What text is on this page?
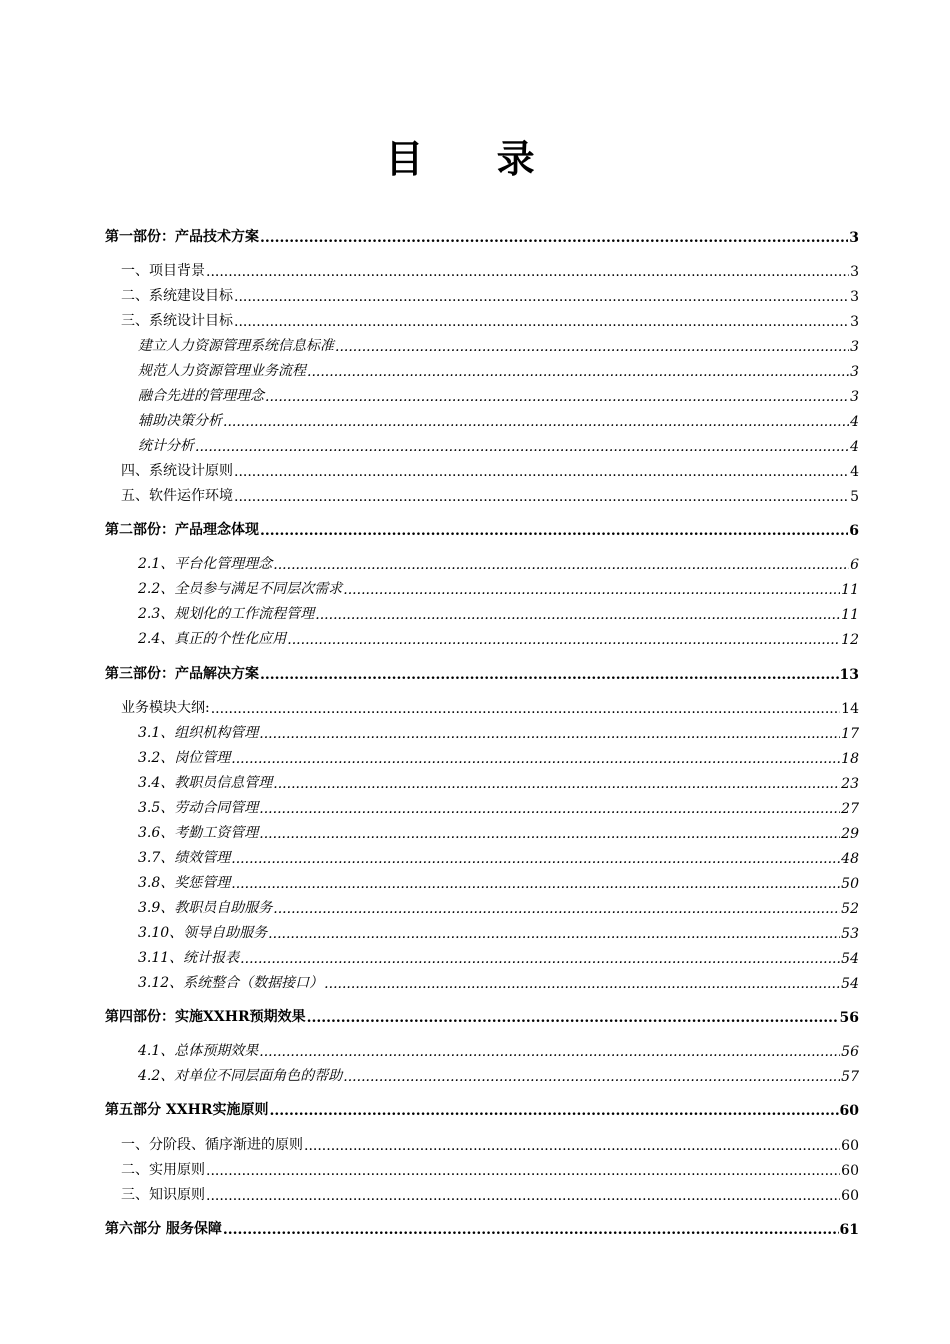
目 录
第一部份：产品技术方案 .....	3
一、项目背景 .....	3
二、系统建设目标 .....	3
三、系统设计目标 .....	3
建立人力资源管理系统信息标准 .....	3
规范人力资源管理业务流程 .....	3
融合先进的管理理念 .....	3
辅助决策分析 .....	4
统计分析 .....	4
四、系统设计原则 .....	4
五、软件运作环境 .....	5
第二部份：产品理念体现 .....	6
2.1、平台化管理理念 .....	6
2.2、全员参与满足不同层次需求 .....	11
2.3、规划化的工作流程管理 .....	11
2.4、真正的个性化应用 .....	12
第三部份：产品解决方案 .....	13
业务模块大纲: .....	14
3.1、组织机构管理 .....	17
3.2、岗位管理 .....	18
3.4、教职员信息管理 .....	23
3.5、劳动合同管理 .....	27
3.6、考勤工资管理 .....	29
3.7、绩效管理 .....	48
3.8、奖惩管理 .....	50
3.9、教职员自助服务 .....	52
3.10、领导自助服务 .....	53
3.11、统计报表 .....	54
3.12、系统整合（数据接口） .....	54
第四部份：实施XXHR预期效果 .....	56
4.1、总体预期效果 .....	56
4.2、对单位不同层面角色的帮助 .....	57
第五部分 XXHR实施原则 .....	60
一、分阶段、循序渐进的原则 .....	60
二、实用原则 .....	60
三、知识原则 .....	60
第六部分 服务保障 .....	61
